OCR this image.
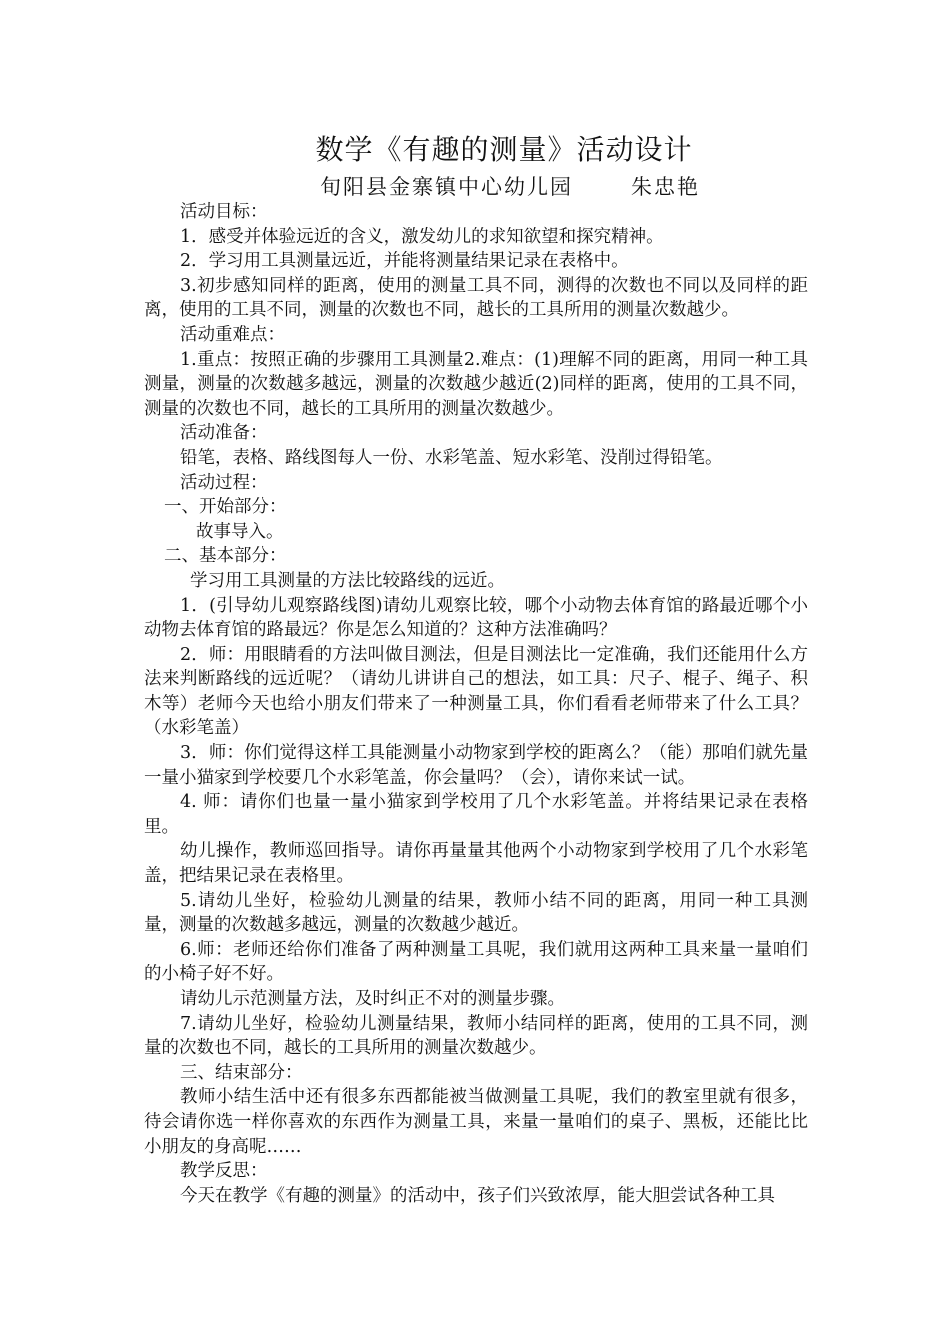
数学《有趣的测量》活动设计
旬阳县金寨镇中心幼儿园	朱忠艳

活动目标：

1．感受并体验远近的含义，激发幼儿的求知欲望和探究精神。

2．学习用工具测量远近，并能将测量结果记录在表格中。

3.初步感知同样的距离，使用的测量工具不同，测得的次数也不同以及同样的距离，使用的工具不同，测量的次数也不同，越长的工具所用的测量次数越少。

活动重难点：

1.重点：按照正确的步骤用工具测量2.难点：(1)理解不同的距离，用同一种工具测量，测量的次数越多越远，测量的次数越少越近(2)同样的距离，使用的工具不同，测量的次数也不同，越长的工具所用的测量次数越少。

活动准备：

铅笔，表格、路线图每人一份、水彩笔盖、短水彩笔、没削过得铅笔。

活动过程：

一、开始部分：

故事导入。

二、基本部分：

学习用工具测量的方法比较路线的远近。

1．(引导幼儿观察路线图)请幼儿观察比较，哪个小动物去体育馆的路最近哪个小动物去体育馆的路最远？你是怎么知道的？这种方法准确吗？

2．师：用眼睛看的方法叫做目测法，但是目测法比一定准确，我们还能用什么方法来判断路线的远近呢？（请幼儿讲讲自己的想法，如工具：尺子、棍子、绳子、积木等）老师今天也给小朋友们带来了一种测量工具，你们看看老师带来了什么工具？（水彩笔盖）

3．师：你们觉得这样工具能测量小动物家到学校的距离么？（能）那咱们就先量一量小猫家到学校要几个水彩笔盖，你会量吗？（会），请你来试一试。

4. 师：请你们也量一量小猫家到学校用了几个水彩笔盖。并将结果记录在表格里。

幼儿操作，教师巡回指导。请你再量量其他两个小动物家到学校用了几个水彩笔盖，把结果记录在表格里。

5.请幼儿坐好，检验幼儿测量的结果，教师小结不同的距离，用同一种工具测量，测量的次数越多越远，测量的次数越少越近。

6.师：老师还给你们准备了两种测量工具呢，我们就用这两种工具来量一量咱们的小椅子好不好。

请幼儿示范测量方法，及时纠正不对的测量步骤。

7.请幼儿坐好，检验幼儿测量结果，教师小结同样的距离，使用的工具不同，测量的次数也不同，越长的工具所用的测量次数越少。

三、结束部分：

教师小结生活中还有很多东西都能被当做测量工具呢，我们的教室里就有很多，待会请你选一样你喜欢的东西作为测量工具，来量一量咱们的桌子、黑板，还能比比小朋友的身高呢……

教学反思：

今天在教学《有趣的测量》的活动中，孩子们兴致浓厚，能大胆尝试各种工具
